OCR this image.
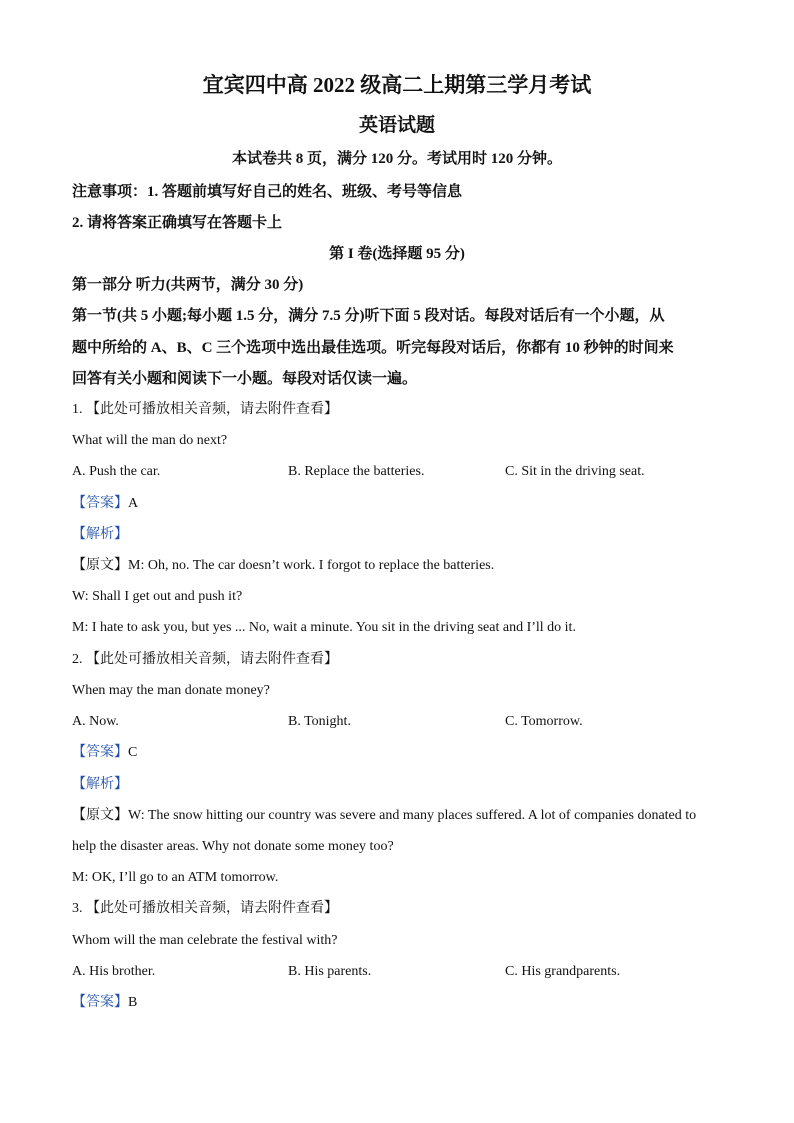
宜宾四中高 2022 级高二上期第三学月考试
英语试题
本试卷共 8 页，满分 120 分。考试用时 120 分钟。
注意事项：1. 答题前填写好自己的姓名、班级、考号等信息
2. 请将答案正确填写在答题卡上
第 I 卷(选择题 95 分)
第一部分 听力(共两节，满分 30 分)
第一节(共 5 小题;每小题 1.5 分，满分 7.5 分)听下面 5 段对话。每段对话后有一个小题，从
题中所给的 A、B、C 三个选项中选出最佳选项。听完每段对话后，你都有 10 秒钟的时间来
回答有关小题和阅读下一小题。每段对话仅读一遍。
1. 【此处可播放相关音频，请去附件查看】
What will the man do next?
A. Push the car.	B. Replace the batteries.	C. Sit in the driving seat.
【答案】A
【解析】
【原文】M: Oh, no. The car doesn’t work. I forgot to replace the batteries.
W: Shall I get out and push it?
M: I hate to ask you, but yes ... No, wait a minute. You sit in the driving seat and I’ll do it.
2. 【此处可播放相关音频，请去附件查看】
When may the man donate money?
A. Now.	B. Tonight.	C. Tomorrow.
【答案】C
【解析】
【原文】W: The snow hitting our country was severe and many places suffered. A lot of companies donated to
help the disaster areas. Why not donate some money too?
M: OK, I’ll go to an ATM tomorrow.
3. 【此处可播放相关音频，请去附件查看】
Whom will the man celebrate the festival with?
A. His brother.	B. His parents.	C. His grandparents.
【答案】B
